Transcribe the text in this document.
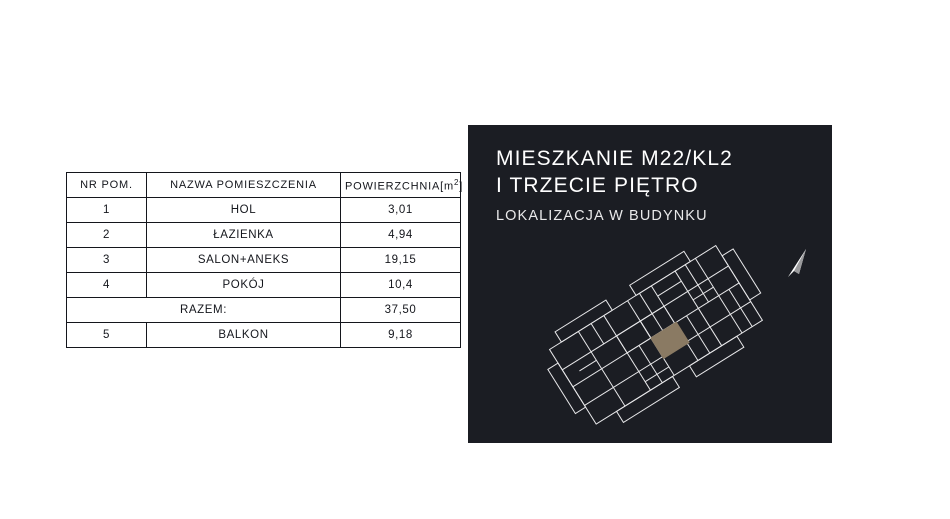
NR POM.	NAZWA POMIESZCZENIA	$POWIERZCHNIA[m^2]$
1	HOL	3,01
2	ŁAZIENKA	4,94
3	SALON+ANEKS	19,15
4	POKÓJ	10,4
RAZEM:		37,50
5	BALKON	9,18
MIESZKANIE M22/KL2
I TRZECIE PIĘTRO
LOKALIZACJA W BUDYNKU
